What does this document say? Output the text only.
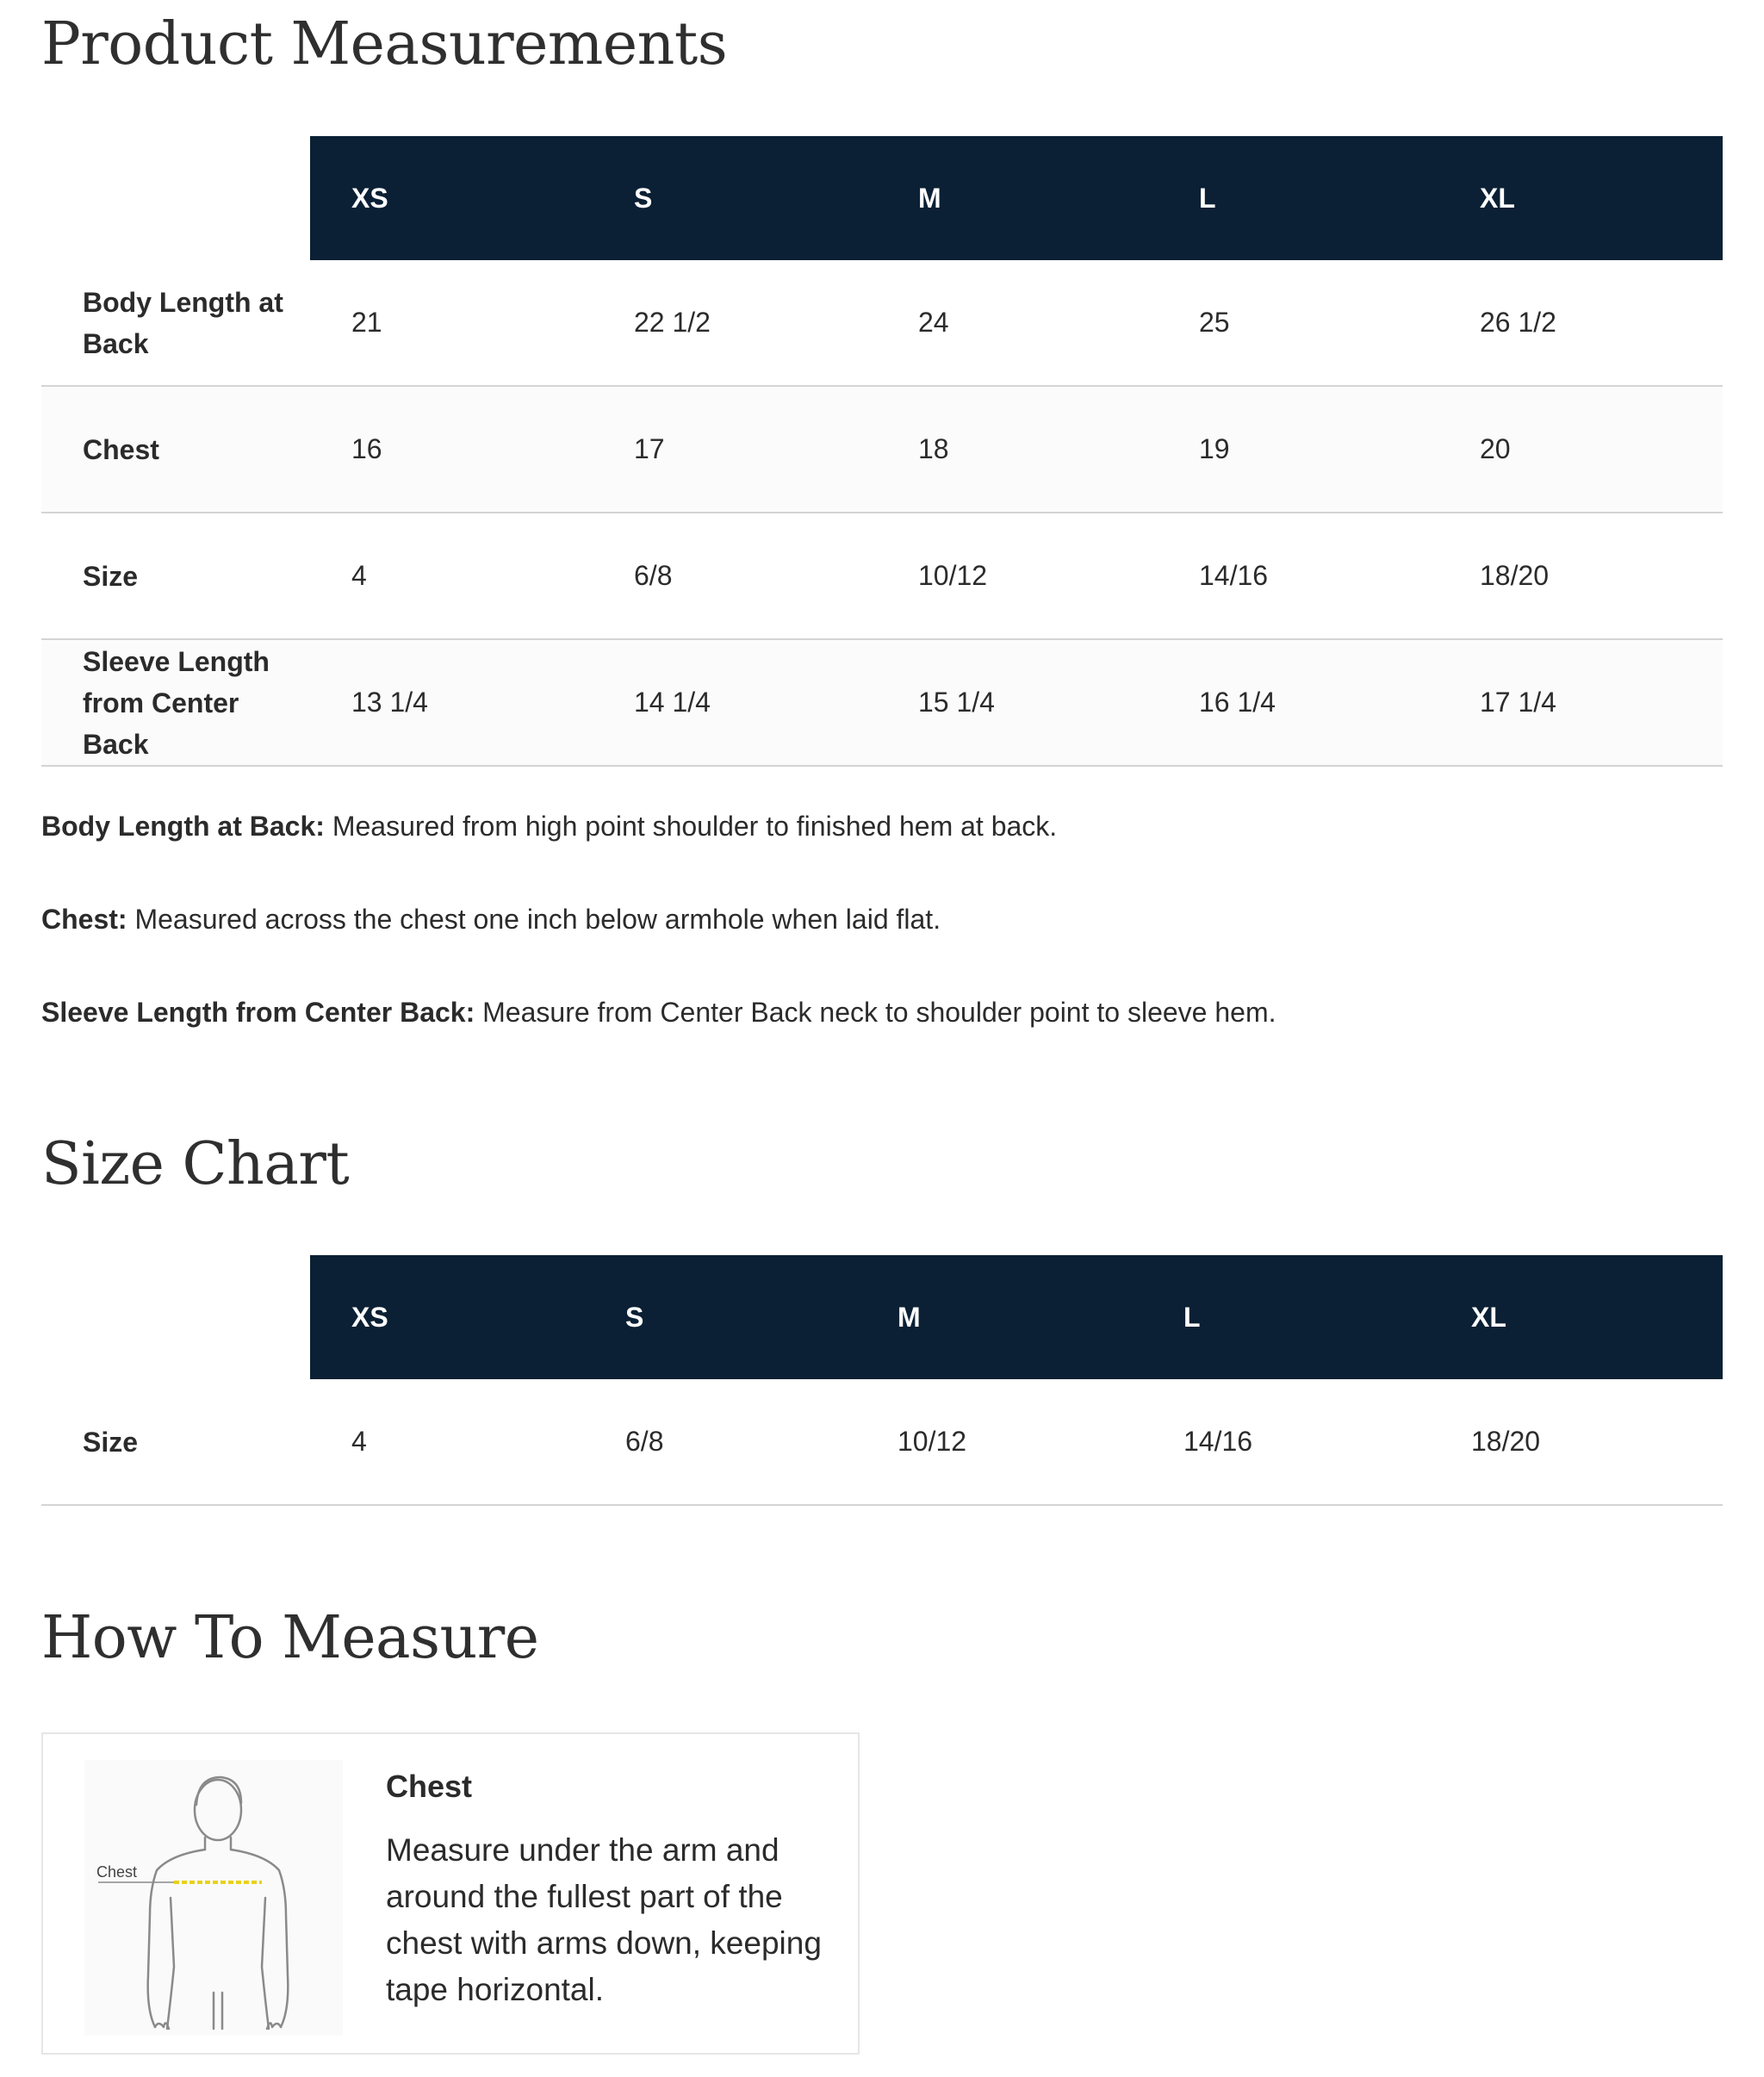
Product Measurements
	XS	S	M	L	XL
Body Length at Back	21	22 1/2	24	25	26 1/2
Chest	16	17	18	19	20
Size	4	6/8	10/12	14/16	18/20
Sleeve Length from Center Back	13 1/4	14 1/4	15 1/4	16 1/4	17 1/4

Body Length at Back: Measured from high point shoulder to finished hem at back.

Chest: Measured across the chest one inch below armhole when laid flat.

Sleeve Length from Center Back: Measure from Center Back neck to shoulder point to sleeve hem.

Size Chart
	XS	S	M	L	XL
Size	4	6/8	10/12	14/16	18/20
How To Measure
Chest

Chest

Measure under the arm and around the fullest part of the chest with arms down, keeping tape horizontal.
